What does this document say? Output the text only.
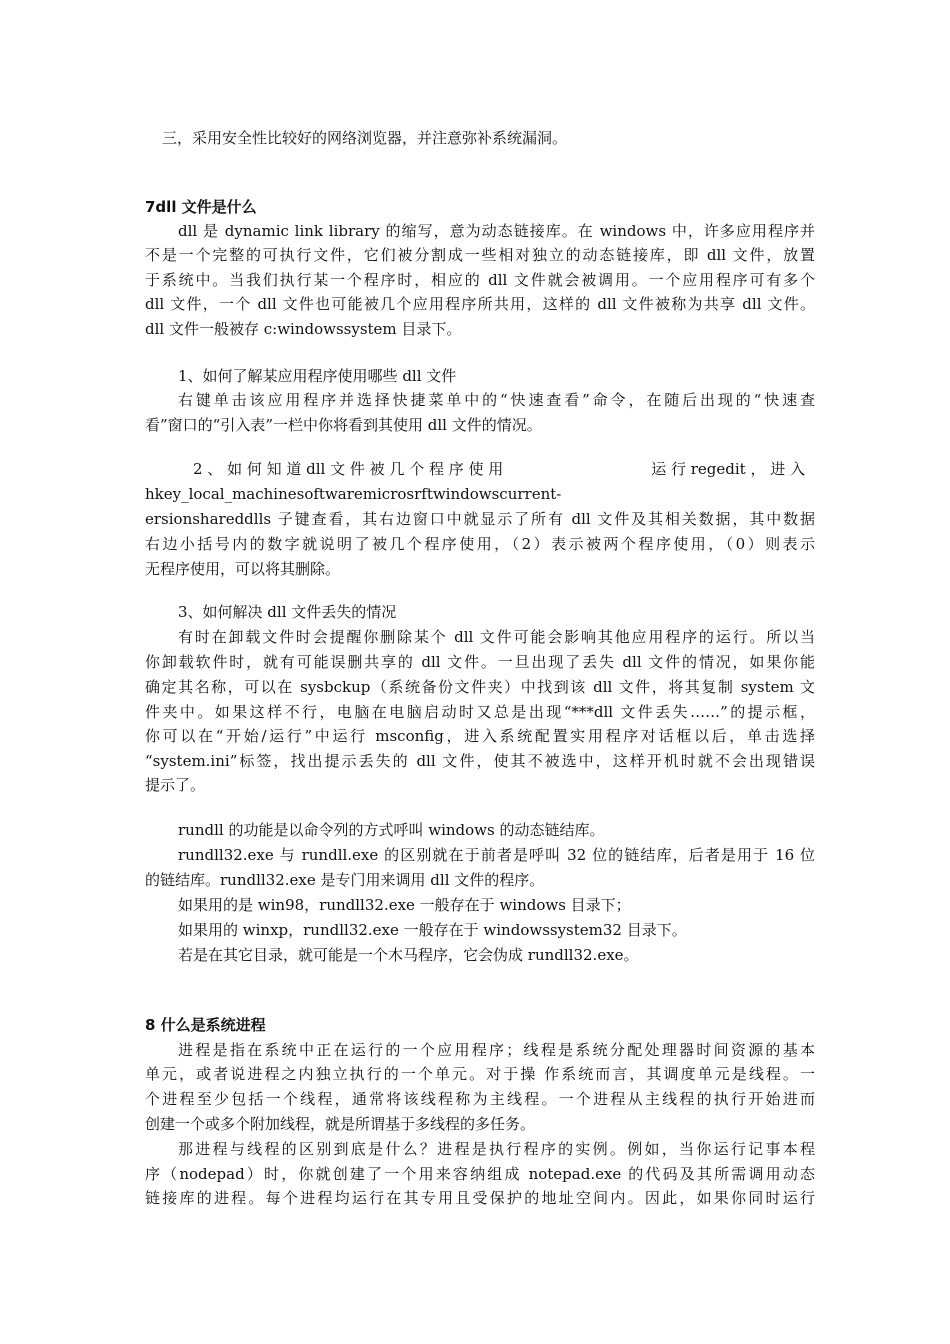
三，采用安全性比较好的网络浏览器，并注意弥补系统漏洞。
7dll 文件是什么
dll 是 dynamic link library 的缩写，意为动态链接库。在 windows 中，许多应用程序并
不是一个完整的可执行文件，它们被分割成一些相对独立的动态链接库，即 dll 文件，放置
于系统中。当我们执行某一个程序时，相应的 dll 文件就会被调用。一个应用程序可有多个
dll 文件，一个 dll 文件也可能被几个应用程序所共用，这样的 dll 文件被称为共享 dll 文件。
dll 文件一般被存 c:windowssystem 目录下。
1、如何了解某应用程序使用哪些 dll 文件
右键单击该应用程序并选择快捷菜单中的“快速查看”命令，在随后出现的“快速查
看”窗口的“引入表”一栏中你将看到其使用 dll 文件的情况。
2 、 如 何 知 道 dll 文 件 被 几 个 程 序 使 用	运 行 regedit ， 进 入
hkey_local_machinesoftwaremicrosrftwindowscurrent-
ersionshareddlls 子键查看，其右边窗口中就显示了所有 dll 文件及其相关数据，其中数据
右边小括号内的数字就说明了被几个程序使用，（2）表示被两个程序使用，（0）则表示
无程序使用，可以将其删除。
3、如何解决 dll 文件丢失的情况
有时在卸载文件时会提醒你删除某个 dll 文件可能会影响其他应用程序的运行。所以当
你卸载软件时，就有可能误删共享的 dll 文件。一旦出现了丢失 dll 文件的情况，如果你能
确定其名称，可以在 sysbckup（系统备份文件夹）中找到该 dll 文件，将其复制 system 文
件夹中。如果这样不行，电脑在电脑启动时又总是出现“***dll 文件丢失……”的提示框，
你可以在“开始/运行”中运行 msconfig，进入系统配置实用程序对话框以后，单击选择
“system.ini”标签，找出提示丢失的 dll 文件，使其不被选中，这样开机时就不会出现错误
提示了。
rundll 的功能是以命令列的方式呼叫 windows 的动态链结库。
rundll32.exe 与 rundll.exe 的区别就在于前者是呼叫 32 位的链结库，后者是用于 16 位
的链结库。rundll32.exe 是专门用来调用 dll 文件的程序。
如果用的是 win98，rundll32.exe 一般存在于 windows 目录下；
如果用的 winxp，rundll32.exe 一般存在于 windowssystem32 目录下。
若是在其它目录，就可能是一个木马程序，它会伪成 rundll32.exe。
8 什么是系统进程
进程是指在系统中正在运行的一个应用程序；线程是系统分配处理器时间资源的基本
单元，或者说进程之内独立执行的一个单元。对于操 作系统而言，其调度单元是线程。一
个进程至少包括一个线程，通常将该线程称为主线程。一个进程从主线程的执行开始进而
创建一个或多个附加线程，就是所谓基于多线程的多任务。
那进程与线程的区别到底是什么？进程是执行程序的实例。例如，当你运行记事本程
序（nodepad）时，你就创建了一个用来容纳组成 notepad.exe 的代码及其所需调用动态
链接库的进程。每个进程均运行在其专用且受保护的地址空间内。因此，如果你同时运行
